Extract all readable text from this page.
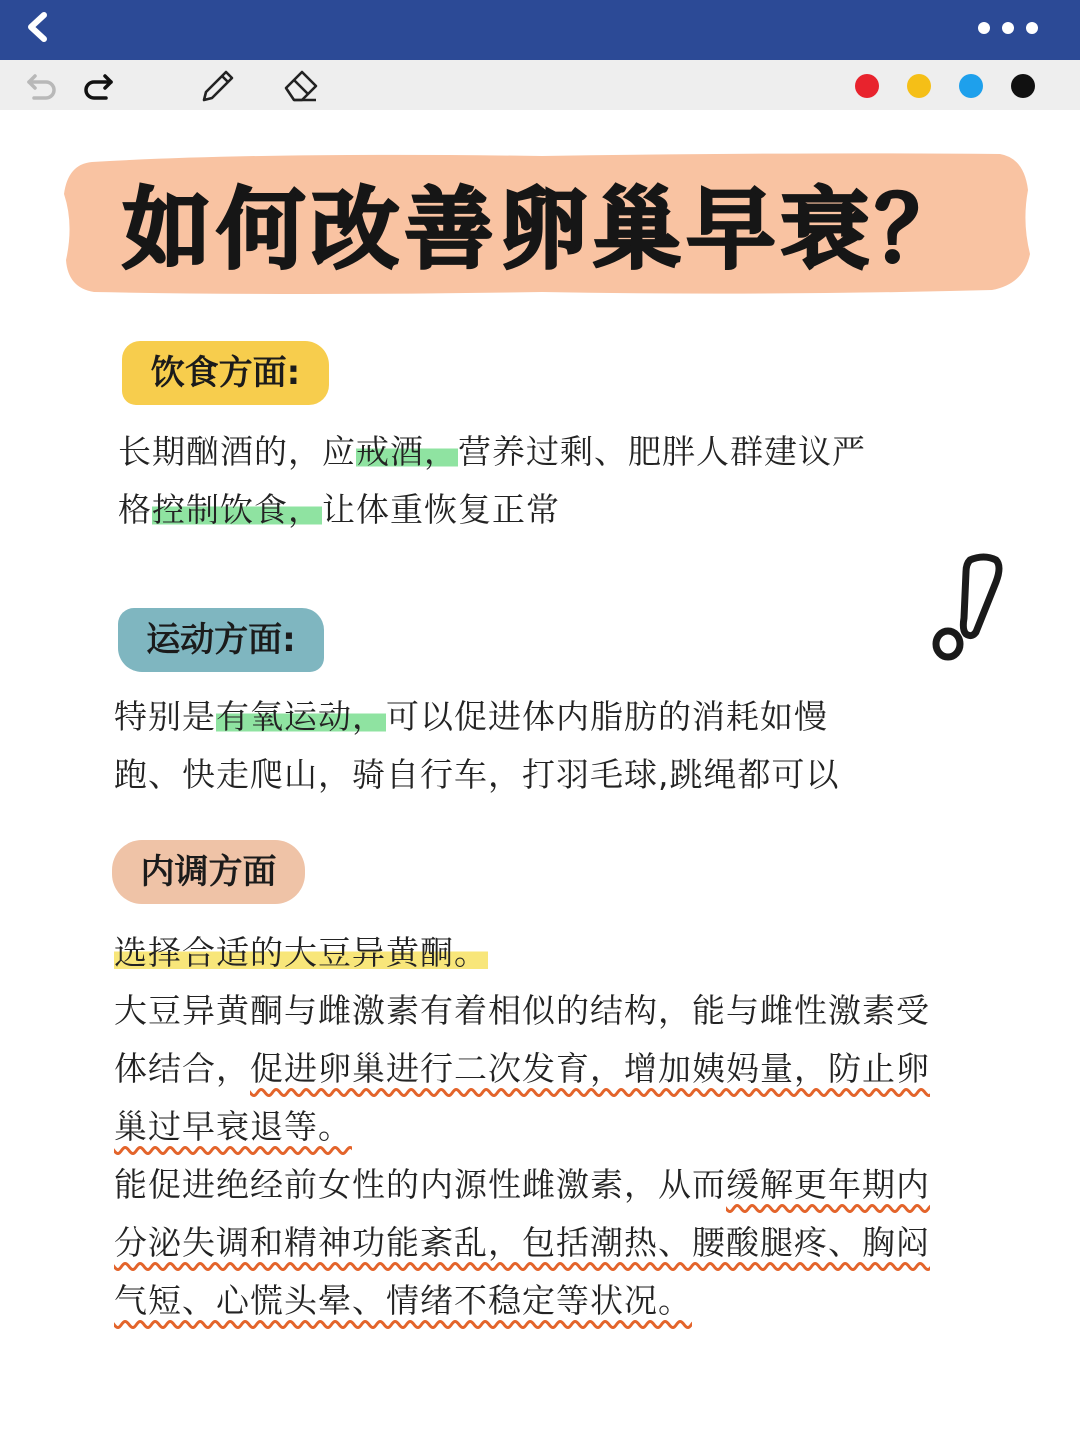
如何改善卵巢早衰？
饮食方面:
长期酗酒的，应戒酒，营养过剩、肥胖人群建议严
格控制饮食，让体重恢复正常
运动方面:
特别是有氧运动，可以促进体内脂肪的消耗如慢
跑、快走爬山，骑自行车，打羽毛球,跳绳都可以
内调方面
选择合适的大豆异黄酮。
大豆异黄酮与雌激素有着相似的结构，能与雌性激素受
体结合，促进卵巢进行二次发育，增加姨妈量，防止卵
巢过早衰退等。
能促进绝经前女性的内源性雌激素，从而缓解更年期内
分泌失调和精神功能紊乱，包括潮热、腰酸腿疼、胸闷
气短、心慌头晕、情绪不稳定等状况。
